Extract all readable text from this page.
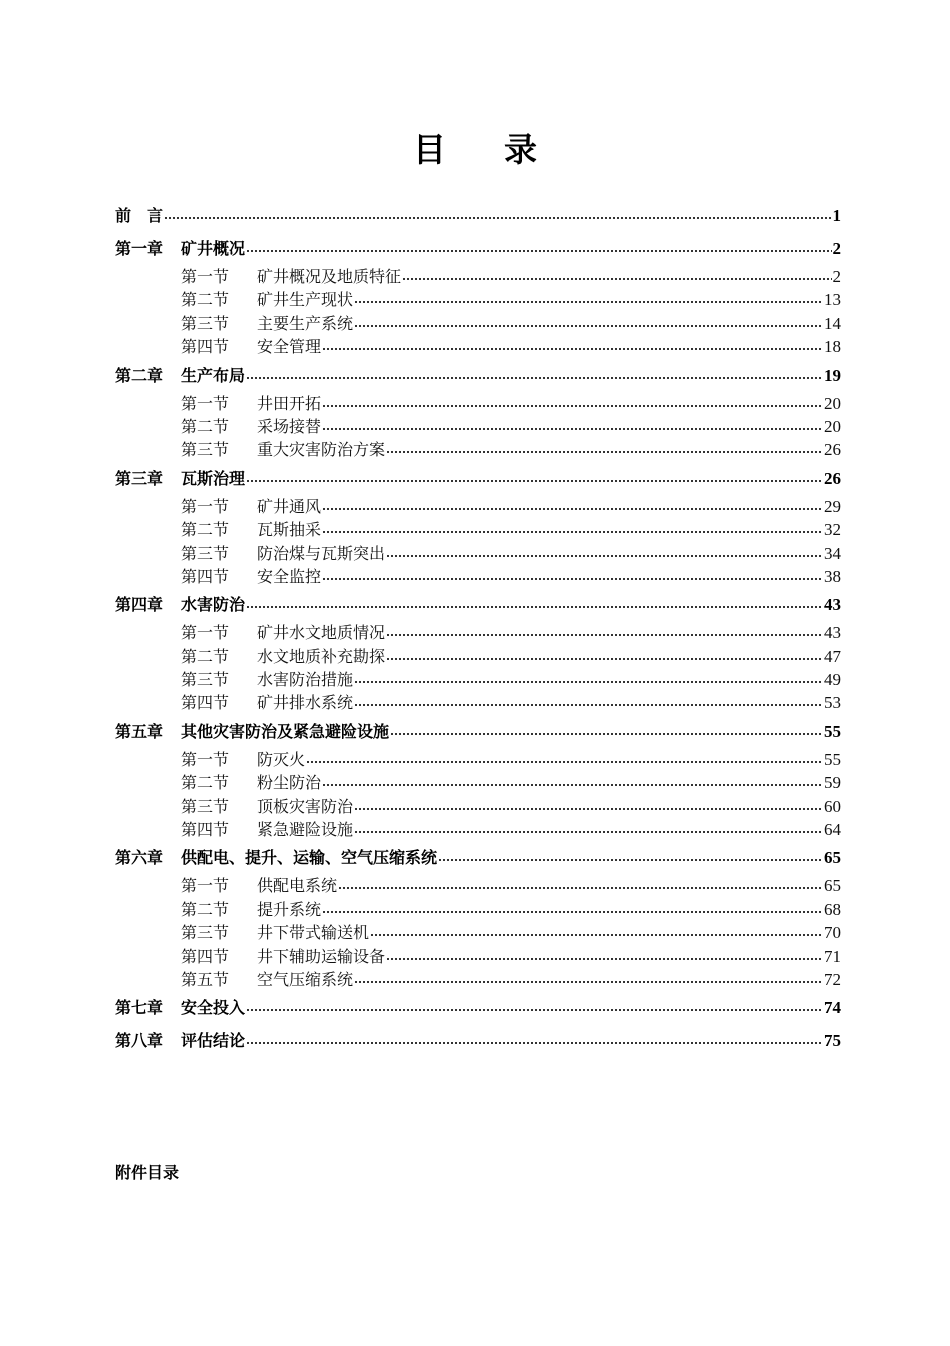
目 录
前　言	1
第一章 矿井概况	2
第一节 矿井概况及地质特征	2
第二节 矿井生产现状	13
第三节 主要生产系统	14
第四节 安全管理	18
第二章 生产布局	19
第一节 井田开拓	20
第二节 采场接替	20
第三节 重大灾害防治方案	26
第三章 瓦斯治理	26
第一节 矿井通风	29
第二节 瓦斯抽采	32
第三节 防治煤与瓦斯突出	34
第四节 安全监控	38
第四章 水害防治	43
第一节 矿井水文地质情况	43
第二节 水文地质补充勘探	47
第三节 水害防治措施	49
第四节 矿井排水系统	53
第五章 其他灾害防治及紧急避险设施	55
第一节 防灭火	55
第二节 粉尘防治	59
第三节 顶板灾害防治	60
第四节 紧急避险设施	64
第六章 供配电、提升、运输、空气压缩系统	65
第一节 供配电系统	65
第二节 提升系统	68
第三节 井下带式输送机	70
第四节 井下辅助运输设备	71
第五节 空气压缩系统	72
第七章 安全投入	74
第八章 评估结论	75
附件目录
